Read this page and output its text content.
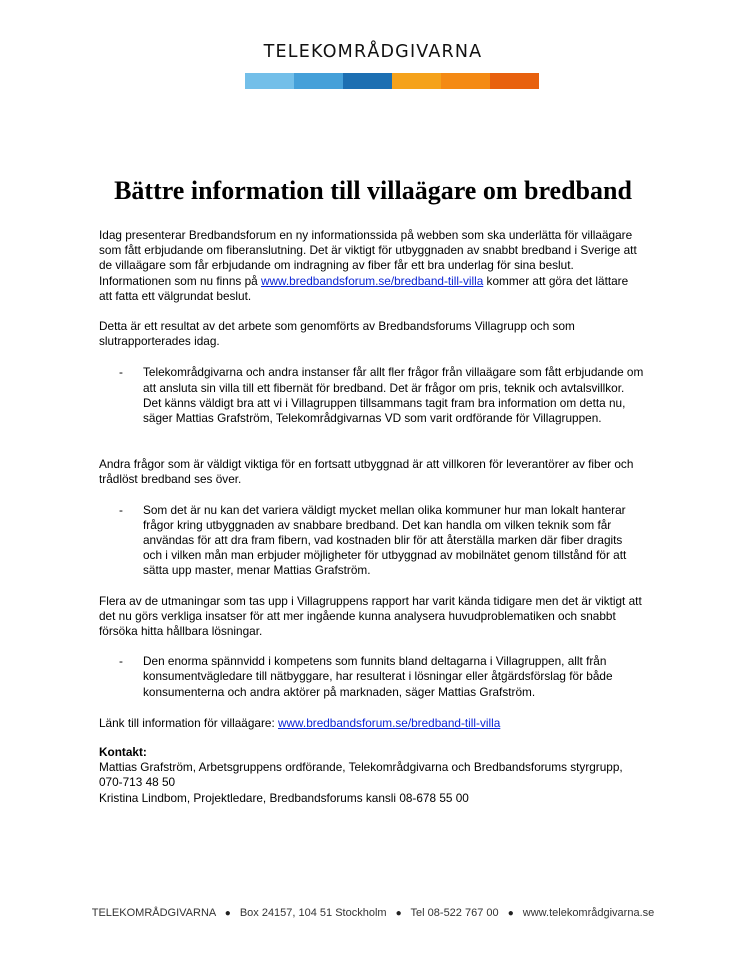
TELEKOMRÅDGIVARNA
Bättre information till villaägare om bredband

Idag presenterar Bredbandsforum en ny informationssida på webben som ska underlätta för villaägare som fått erbjudande om fiberanslutning. Det är viktigt för utbyggnaden av snabbt bredband i Sverige att de villaägare som får erbjudande om indragning av fiber får ett bra underlag för sina beslut. Informationen som nu finns på www.bredbandsforum.se/bredband-till-villa kommer att göra det lättare att fatta ett välgrundat beslut.

Detta är ett resultat av det arbete som genomförts av Bredbandsforums Villagrupp och som slutrapporterades idag.

- Telekområdgivarna och andra instanser får allt fler frågor från villaägare som fått erbjudande om att ansluta sin villa till ett fibernät för bredband. Det är frågor om pris, teknik och avtalsvillkor. Det känns väldigt bra att vi i Villagruppen tillsammans tagit fram bra information om detta nu, säger Mattias Grafström, Telekområdgivarnas VD som varit ordförande för Villagruppen.

Andra frågor som är väldigt viktiga för en fortsatt utbyggnad är att villkoren för leverantörer av fiber och trådlöst bredband ses över.

- Som det är nu kan det variera väldigt mycket mellan olika kommuner hur man lokalt hanterar frågor kring utbyggnaden av snabbare bredband. Det kan handla om vilken teknik som får användas för att dra fram fibern, vad kostnaden blir för att återställa marken där fiber dragits och i vilken mån man erbjuder möjligheter för utbyggnad av mobilnätet genom tillstånd för att sätta upp master, menar Mattias Grafström.

Flera av de utmaningar som tas upp i Villagruppens rapport har varit kända tidigare men det är viktigt att det nu görs verkliga insatser för att mer ingående kunna analysera huvudproblematiken och snabbt försöka hitta hållbara lösningar.

- Den enorma spännvidd i kompetens som funnits bland deltagarna i Villagruppen, allt från konsumentvägledare till nätbyggare, har resulterat i lösningar eller åtgärdsförslag för både konsumenterna och andra aktörer på marknaden, säger Mattias Grafström.

Länk till information för villaägare: www.bredbandsforum.se/bredband-till-villa

Kontakt:

Mattias Grafström, Arbetsgruppens ordförande, Telekområdgivarna och Bredbandsforums styrgrupp, 070-713 48 50

Kristina Lindbom, Projektledare, Bredbandsforums kansli 08-678 55 00

TELEKOMRÅDGIVARNA ● Box 24157, 104 51 Stockholm ● Tel 08-522 767 00 ● www.telekområdgivarna.se
